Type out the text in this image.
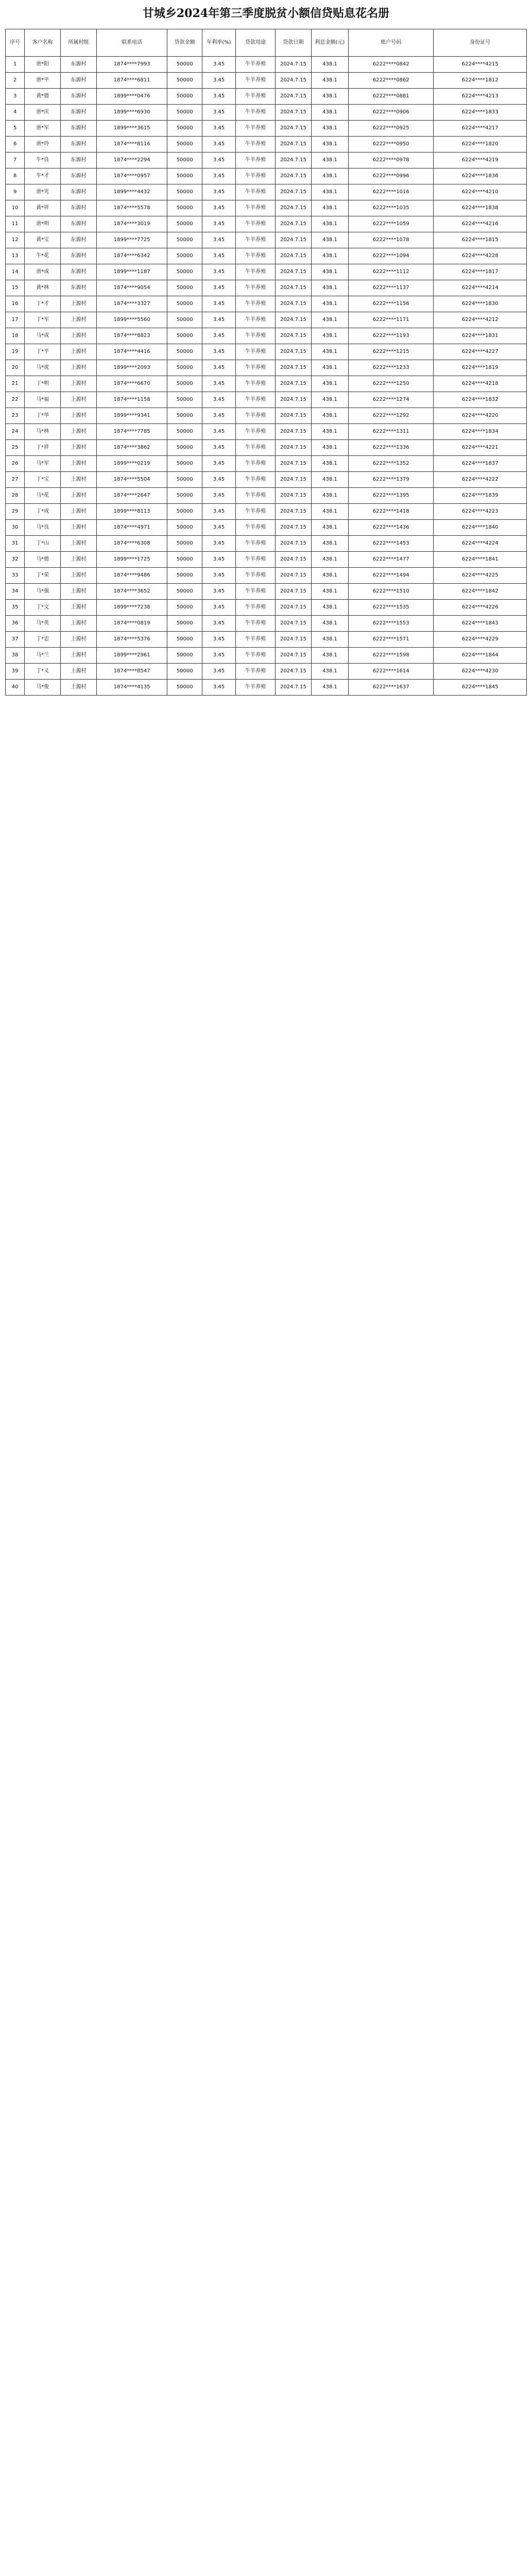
甘城乡2024年第三季度脱贫小额信贷贴息花名册
序号	客户名称	所属村组	联系电话	贷款金额	年利率(%)	贷款用途	贷款日期	利息金额(元)	账户号码	身份证号
1	唐*阳	东源村	1874****7993	50000	3.45	牛羊养殖	2024.7.15	438.1	6222****0842	6224****4215
2	唐*平	东源村	1874****6811	50000	3.45	牛羊养殖	2024.7.15	438.1	6222****0862	6224****1812
3	黄*德	东源村	1899****0476	50000	3.45	牛羊养殖	2024.7.15	438.1	6222****0881	6224****4213
4	唐*庆	东源村	1899****6930	50000	3.45	牛羊养殖	2024.7.15	438.1	6222****0906	6224****1833
5	唐*军	东源村	1899****3615	50000	3.45	牛羊养殖	2024.7.15	438.1	6222****0925	6224****4217
6	唐*玲	东源村	1874****8116	50000	3.45	牛羊养殖	2024.7.15	438.1	6222****0950	6224****1820
7	牛*良	东源村	1874****2294	50000	3.45	牛羊养殖	2024.7.15	438.1	6222****0978	6224****4219
8	牛*才	东源村	1874****0957	50000	3.45	牛羊养殖	2024.7.15	438.1	6222****0996	6224****1836
9	唐*光	东源村	1899****4432	50000	3.45	牛羊养殖	2024.7.15	438.1	6222****1016	6224****4210
10	黄*祥	东源村	1874****5578	50000	3.45	牛羊养殖	2024.7.15	438.1	6222****1035	6224****1838
11	唐*明	东源村	1874****3019	50000	3.45	牛羊养殖	2024.7.15	438.1	6222****1059	6224****4216
12	黄*宝	东源村	1899****7725	50000	3.45	牛羊养殖	2024.7.15	438.1	6222****1078	6224****1815
13	牛*花	东源村	1874****6342	50000	3.45	牛羊养殖	2024.7.15	438.1	6222****1094	6224****4228
14	唐*成	东源村	1899****1187	50000	3.45	牛羊养殖	2024.7.15	438.1	6222****1112	6224****1817
15	黄*林	东源村	1874****9054	50000	3.45	牛羊养殖	2024.7.15	438.1	6222****1137	6224****4214
16	丁*才	上源村	1874****3327	50000	3.45	牛羊养殖	2024.7.15	438.1	6222****1156	6224****1830
17	丁*军	上源村	1899****5560	50000	3.45	牛羊养殖	2024.7.15	438.1	6222****1171	6224****4212
18	马*成	上源村	1874****8823	50000	3.45	牛羊养殖	2024.7.15	438.1	6222****1193	6224****1831
19	丁*平	上源村	1874****4416	50000	3.45	牛羊养殖	2024.7.15	438.1	6222****1215	6224****4227
20	马*虎	上源村	1899****2093	50000	3.45	牛羊养殖	2024.7.15	438.1	6222****1233	6224****1819
21	丁*明	上源村	1874****6670	50000	3.45	牛羊养殖	2024.7.15	438.1	6222****1250	6224****4218
22	马*福	上源村	1874****1158	50000	3.45	牛羊养殖	2024.7.15	438.1	6222****1274	6224****1832
23	丁*华	上源村	1899****9341	50000	3.45	牛羊养殖	2024.7.15	438.1	6222****1292	6224****4220
24	马*林	上源村	1874****7785	50000	3.45	牛羊养殖	2024.7.15	438.1	6222****1311	6224****1834
25	丁*祥	上源村	1874****3862	50000	3.45	牛羊养殖	2024.7.15	438.1	6222****1336	6224****4221
26	马*军	上源村	1899****0219	50000	3.45	牛羊养殖	2024.7.15	438.1	6222****1352	6224****1837
27	丁*宝	上源村	1874****5504	50000	3.45	牛羊养殖	2024.7.15	438.1	6222****1379	6224****4222
28	马*花	上源村	1874****2647	50000	3.45	牛羊养殖	2024.7.15	438.1	6222****1395	6224****1839
29	丁*成	上源村	1899****8113	50000	3.45	牛羊养殖	2024.7.15	438.1	6222****1418	6224****4223
30	马*良	上源村	1874****4971	50000	3.45	牛羊养殖	2024.7.15	438.1	6222****1436	6224****1840
31	丁*山	上源村	1874****6308	50000	3.45	牛羊养殖	2024.7.15	438.1	6222****1453	6224****4224
32	马*德	上源村	1899****1725	50000	3.45	牛羊养殖	2024.7.15	438.1	6222****1477	6224****1841
33	丁*荣	上源村	1874****9486	50000	3.45	牛羊养殖	2024.7.15	438.1	6222****1494	6224****4225
34	马*强	上源村	1874****3652	50000	3.45	牛羊养殖	2024.7.15	438.1	6222****1510	6224****1842
35	丁*文	上源村	1899****7238	50000	3.45	牛羊养殖	2024.7.15	438.1	6222****1535	6224****4226
36	马*英	上源村	1874****0819	50000	3.45	牛羊养殖	2024.7.15	438.1	6222****1553	6224****1843
37	丁*忠	上源村	1874****5376	50000	3.45	牛羊养殖	2024.7.15	438.1	6222****1571	6224****4229
38	马*兰	上源村	1899****2961	50000	3.45	牛羊养殖	2024.7.15	438.1	6222****1598	6224****1844
39	丁*义	上源村	1874****8547	50000	3.45	牛羊养殖	2024.7.15	438.1	6222****1614	6224****4230
40	马*俊	上源村	1874****4135	50000	3.45	牛羊养殖	2024.7.15	438.1	6222****1637	6224****1845
